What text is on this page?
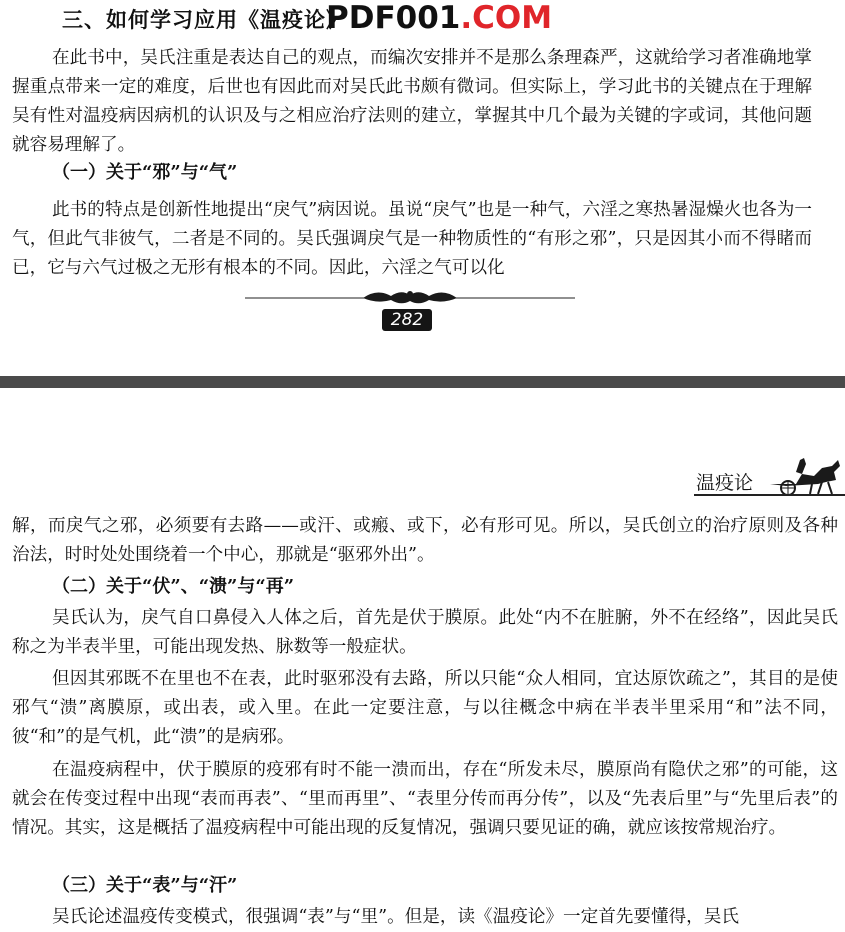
三、如何学习应用《温疫论》
PDF001.COM

在此书中，吴氏注重是表达自己的观点，而编次安排并不是那么条理森严，这就给学习者准确地掌握重点带来一定的难度，后世也有因此而对吴氏此书颇有微词。但实际上，学习此书的关键点在于理解吴有性对温疫病因病机的认识及与之相应治疗法则的建立，掌握其中几个最为关键的字或词，其他问题就容易理解了。

（一）关于“邪”与“气”

此书的特点是创新性地提出“戾气”病因说。虽说“戾气”也是一种气，六淫之寒热暑湿燥火也各为一气，但此气非彼气，二者是不同的。吴氏强调戾气是一种物质性的“有形之邪”，只是因其小而不得睹而已，它与六气过极之无形有根本的不同。因此，六淫之气可以化

282
温疫论

解，而戾气之邪，必须要有去路——或汗、或瘢、或下，必有形可见。所以，吴氏创立的治疗原则及各种治法，时时处处围绕着一个中心，那就是“驱邪外出”。

（二）关于“伏”、“溃”与“再”

吴氏认为，戾气自口鼻侵入人体之后，首先是伏于膜原。此处“内不在脏腑，外不在经络”，因此吴氏称之为半表半里，可能出现发热、脉数等一般症状。

但因其邪既不在里也不在表，此时驱邪没有去路，所以只能“众人相同，宜达原饮疏之”，其目的是使邪气“溃”离膜原，或出表，或入里。在此一定要注意，与以往概念中病在半表半里采用“和”法不同，彼“和”的是气机，此“溃”的是病邪。

在温疫病程中，伏于膜原的疫邪有时不能一溃而出，存在“所发未尽，膜原尚有隐伏之邪”的可能，这就会在传变过程中出现“表而再表”、“里而再里”、“表里分传而再分传”，以及“先表后里”与“先里后表”的情况。其实，这是概括了温疫病程中可能出现的反复情况，强调只要见证的确，就应该按常规治疗。

（三）关于“表”与“汗”

吴氏论述温疫传变模式，很强调“表”与“里”。但是，读《温疫论》一定首先要懂得，吴氏
